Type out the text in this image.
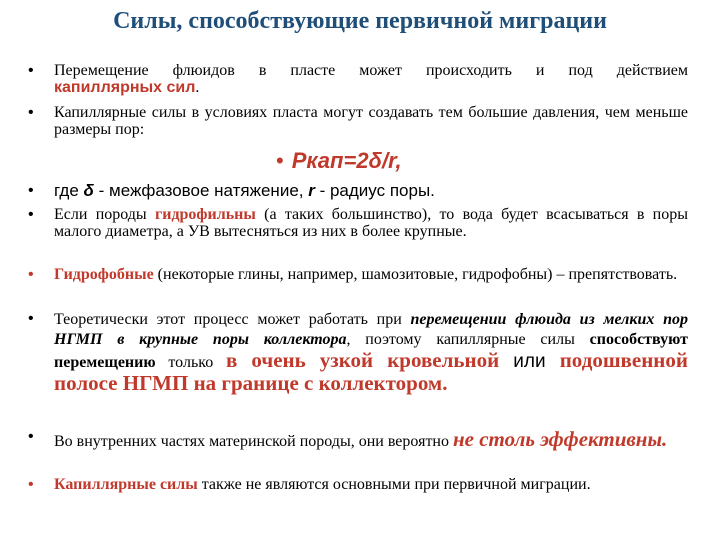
Силы, способствующие первичной миграции
• Перемещение флюидов в пласте может происходить и под действием
капиллярных сил.
• Капиллярные силы в условиях пласта могут создавать тем большие давления, чем меньше размеры пор:
• Ркап=2δ/r,
• где δ - межфазовое натяжение, r - радиус поры.
• Если породы гидрофильны (а таких большинство), то вода будет всасываться в поры малого диаметра, а УВ вытесняться из них в более крупные.
• Гидрофобные (некоторые глины, например, шамозитовые, гидрофобны) – препятствовать.
• Теоретически этот процесс может работать при перемещении флюида из мелких пор НГМП в крупные поры коллектора, поэтому капиллярные силы способствуют перемещению только в очень узкой кровельной или подошвенной полосе НГМП на границе с коллектором.
• Во внутренних частях материнской породы, они вероятно не столь эффективны.
• Капиллярные силы также не являются основными при первичной миграции.
